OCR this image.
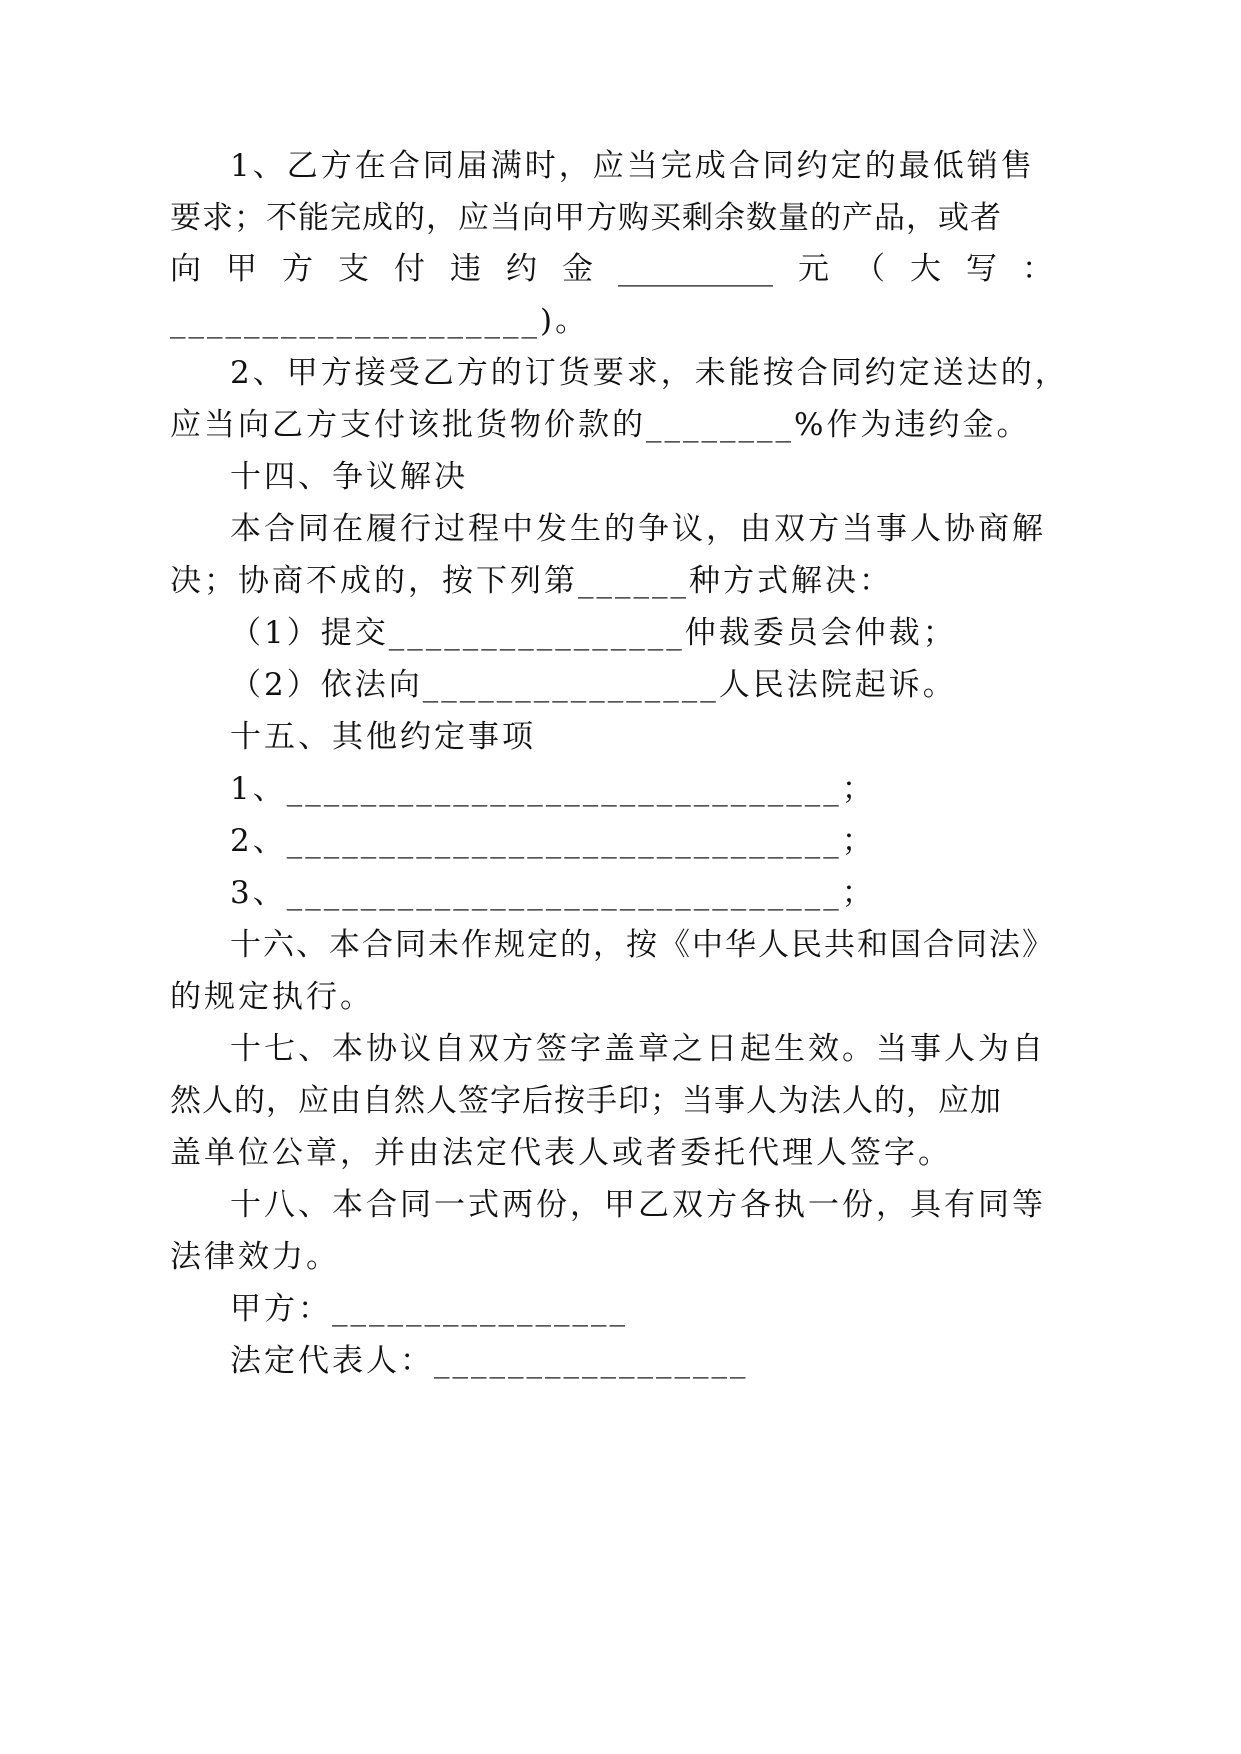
1、乙方在合同届满时，应当完成合同约定的最低销售

要求；不能完成的，应当向甲方购买剩余数量的产品，或者

向 甲 方 支 付 违 约 金 __________ 元 （ 大 写 ：

____________________)。

2、甲方接受乙方的订货要求，未能按合同约定送达的，

应当向乙方支付该批货物价款的________%作为违约金。

十四、争议解决

本合同在履行过程中发生的争议，由双方当事人协商解

决；协商不成的，按下列第______种方式解决：

（1）提交________________仲裁委员会仲裁；

（2）依法向________________人民法院起诉。

十五、其他约定事项

1、______________________________；

2、______________________________；

3、______________________________；

十六、本合同未作规定的，按《中华人民共和国合同法》

的规定执行。

十七、本协议自双方签字盖章之日起生效。当事人为自

然人的，应由自然人签字后按手印；当事人为法人的，应加

盖单位公章，并由法定代表人或者委托代理人签字。

十八、本合同一式两份，甲乙双方各执一份，具有同等

法律效力。

甲方：________________

法定代表人：_________________
